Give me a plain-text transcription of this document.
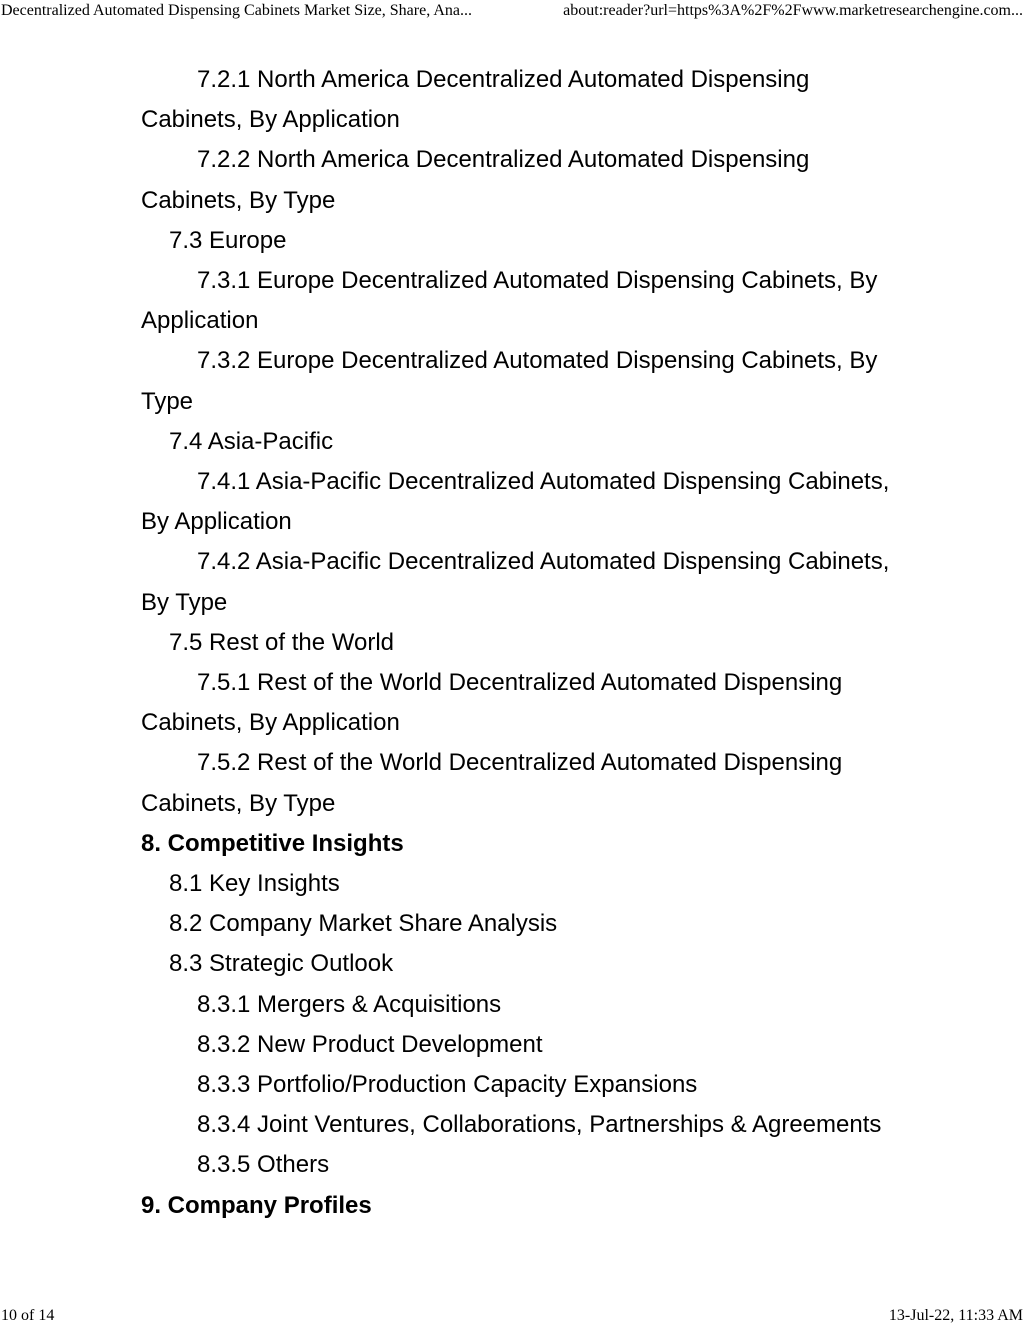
Decentralized Automated Dispensing Cabinets Market Size, Share, Ana...	about:reader?url=https%3A%2F%2Fwww.marketresearchengine.com...

7.2.1 North America Decentralized Automated Dispensing Cabinets, By Application

7.2.2 North America Decentralized Automated Dispensing Cabinets, By Type

7.3 Europe

7.3.1 Europe Decentralized Automated Dispensing Cabinets, By Application

7.3.2 Europe Decentralized Automated Dispensing Cabinets, By Type

7.4 Asia-Pacific

7.4.1 Asia-Pacific Decentralized Automated Dispensing Cabinets, By Application

7.4.2 Asia-Pacific Decentralized Automated Dispensing Cabinets, By Type

7.5 Rest of the World

7.5.1 Rest of the World Decentralized Automated Dispensing Cabinets, By Application

7.5.2 Rest of the World Decentralized Automated Dispensing Cabinets, By Type

8. Competitive Insights

8.1 Key Insights

8.2 Company Market Share Analysis

8.3 Strategic Outlook

8.3.1 Mergers & Acquisitions

8.3.2 New Product Development

8.3.3 Portfolio/Production Capacity Expansions

8.3.4 Joint Ventures, Collaborations, Partnerships & Agreements

8.3.5 Others

9. Company Profiles

10 of 14	13-Jul-22, 11:33 AM
